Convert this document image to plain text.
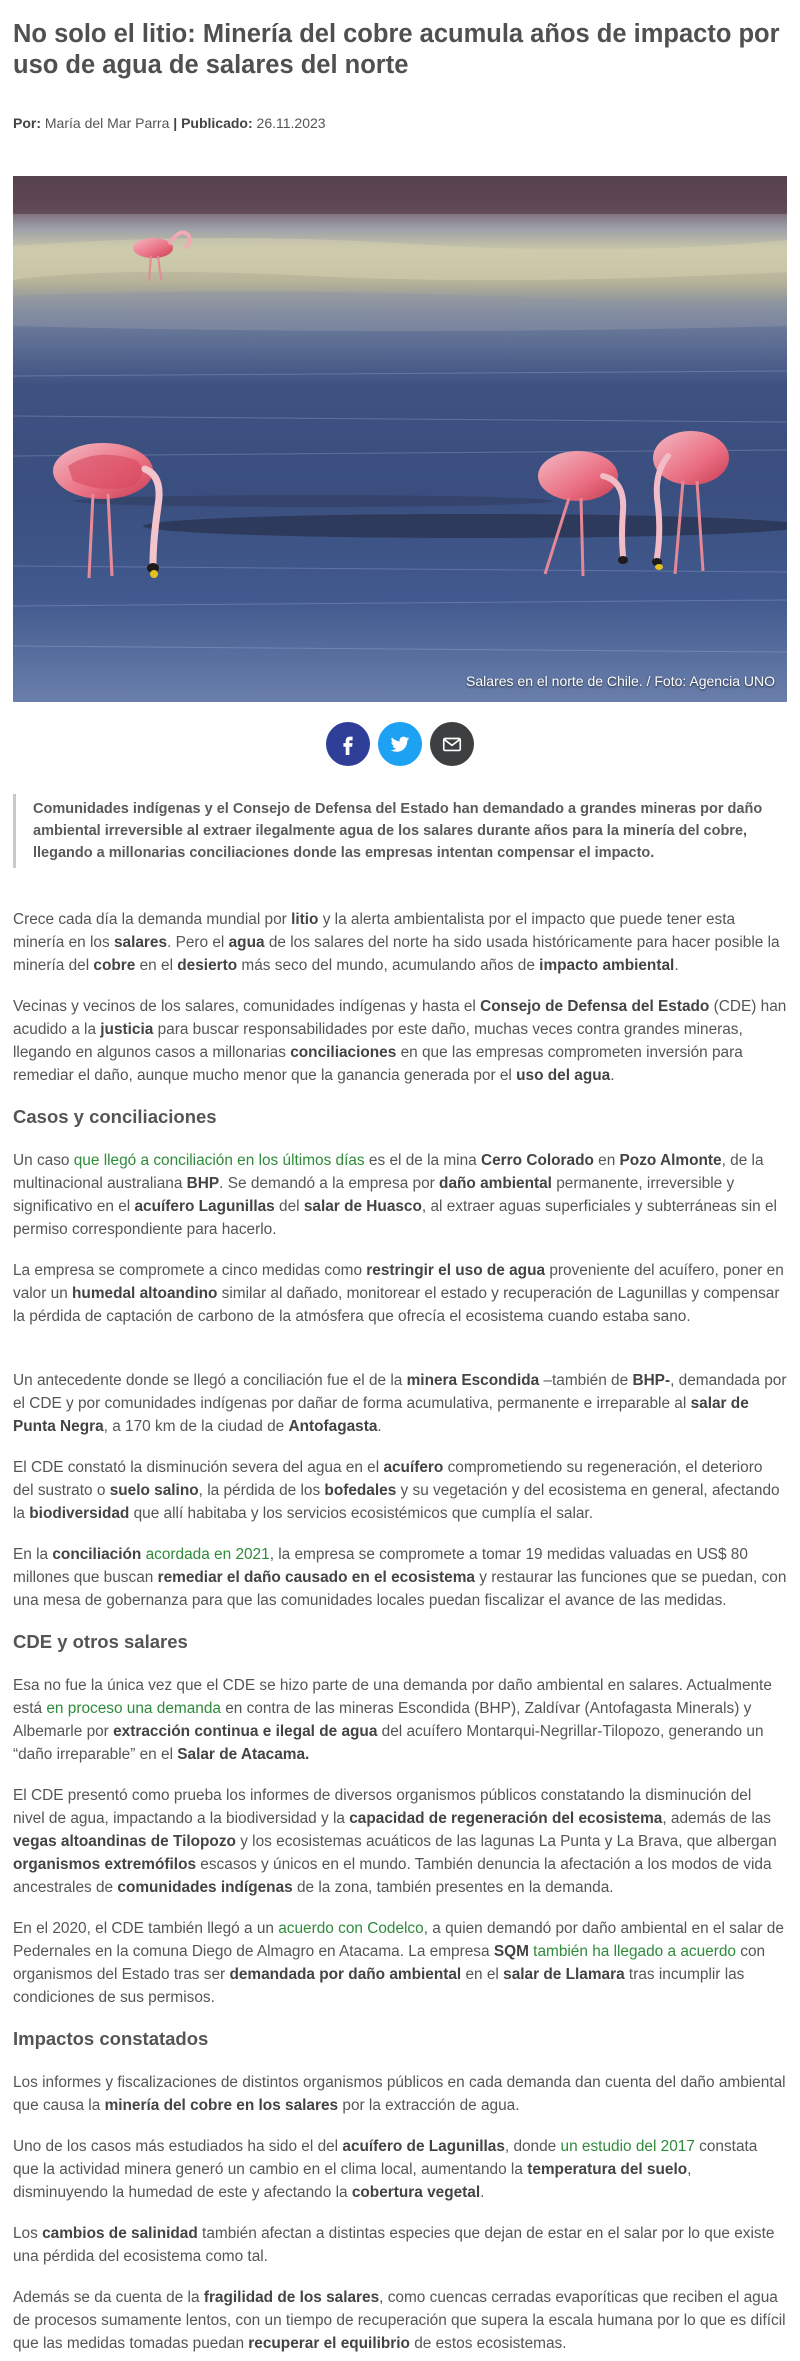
No solo el litio: Minería del cobre acumula años de impacto por uso de agua de salares del norte
Por: María del Mar Parra | Publicado: 26.11.2023
Salares en el norte de Chile. / Foto: Agencia UNO
Comunidades indígenas y el Consejo de Defensa del Estado han demandado a grandes mineras por daño ambiental irreversible al extraer ilegalmente agua de los salares durante años para la minería del cobre, llegando a millonarias conciliaciones donde las empresas intentan compensar el impacto.

Crece cada día la demanda mundial por litio y la alerta ambientalista por el impacto que puede tener esta minería en los salares. Pero el agua de los salares del norte ha sido usada históricamente para hacer posible la minería del cobre en el desierto más seco del mundo, acumulando años de impacto ambiental.

Vecinas y vecinos de los salares, comunidades indígenas y hasta el Consejo de Defensa del Estado (CDE) han acudido a la justicia para buscar responsabilidades por este daño, muchas veces contra grandes mineras, llegando en algunos casos a millonarias conciliaciones en que las empresas comprometen inversión para remediar el daño, aunque mucho menor que la ganancia generada por el uso del agua.

Casos y conciliaciones

Un caso que llegó a conciliación en los últimos días es el de la mina Cerro Colorado en Pozo Almonte, de la multinacional australiana BHP. Se demandó a la empresa por daño ambiental permanente, irreversible y significativo en el acuífero Lagunillas del salar de Huasco, al extraer aguas superficiales y subterráneas sin el permiso correspondiente para hacerlo.

La empresa se compromete a cinco medidas como restringir el uso de agua proveniente del acuífero, poner en valor un humedal altoandino similar al dañado, monitorear el estado y recuperación de Lagunillas y compensar la pérdida de captación de carbono de la atmósfera que ofrecía el ecosistema cuando estaba sano.

Un antecedente donde se llegó a conciliación fue el de la minera Escondida –también de BHP-, demandada por el CDE y por comunidades indígenas por dañar de forma acumulativa, permanente e irreparable al salar de Punta Negra, a 170 km de la ciudad de Antofagasta.

El CDE constató la disminución severa del agua en el acuífero comprometiendo su regeneración, el deterioro del sustrato o suelo salino, la pérdida de los bofedales y su vegetación y del ecosistema en general, afectando la biodiversidad que allí habitaba y los servicios ecosistémicos que cumplía el salar.

En la conciliación acordada en 2021, la empresa se compromete a tomar 19 medidas valuadas en US$ 80 millones que buscan remediar el daño causado en el ecosistema y restaurar las funciones que se puedan, con una mesa de gobernanza para que las comunidades locales puedan fiscalizar el avance de las medidas.

CDE y otros salares

Esa no fue la única vez que el CDE se hizo parte de una demanda por daño ambiental en salares. Actualmente está en proceso una demanda en contra de las mineras Escondida (BHP), Zaldívar (Antofagasta Minerals) y Albemarle por extracción continua e ilegal de agua del acuífero Montarqui-Negrillar-Tilopozo, generando un “daño irreparable” en el Salar de Atacama.

El CDE presentó como prueba los informes de diversos organismos públicos constatando la disminución del nivel de agua, impactando a la biodiversidad y la capacidad de regeneración del ecosistema, además de las vegas altoandinas de Tilopozo y los ecosistemas acuáticos de las lagunas La Punta y La Brava, que albergan organismos extremófilos escasos y únicos en el mundo. También denuncia la afectación a los modos de vida ancestrales de comunidades indígenas de la zona, también presentes en la demanda.

En el 2020, el CDE también llegó a un acuerdo con Codelco, a quien demandó por daño ambiental en el salar de Pedernales en la comuna Diego de Almagro en Atacama. La empresa SQM también ha llegado a acuerdo con organismos del Estado tras ser demandada por daño ambiental en el salar de Llamara tras incumplir las condiciones de sus permisos.

Impactos constatados

Los informes y fiscalizaciones de distintos organismos públicos en cada demanda dan cuenta del daño ambiental que causa la minería del cobre en los salares por la extracción de agua.

Uno de los casos más estudiados ha sido el del acuífero de Lagunillas, donde un estudio del 2017 constata que la actividad minera generó un cambio en el clima local, aumentando la temperatura del suelo, disminuyendo la humedad de este y afectando la cobertura vegetal.

Los cambios de salinidad también afectan a distintas especies que dejan de estar en el salar por lo que existe una pérdida del ecosistema como tal.

Además se da cuenta de la fragilidad de los salares, como cuencas cerradas evaporíticas que reciben el agua de procesos sumamente lentos, con un tiempo de recuperación que supera la escala humana por lo que es difícil que las medidas tomadas puedan recuperar el equilibrio de estos ecosistemas.
